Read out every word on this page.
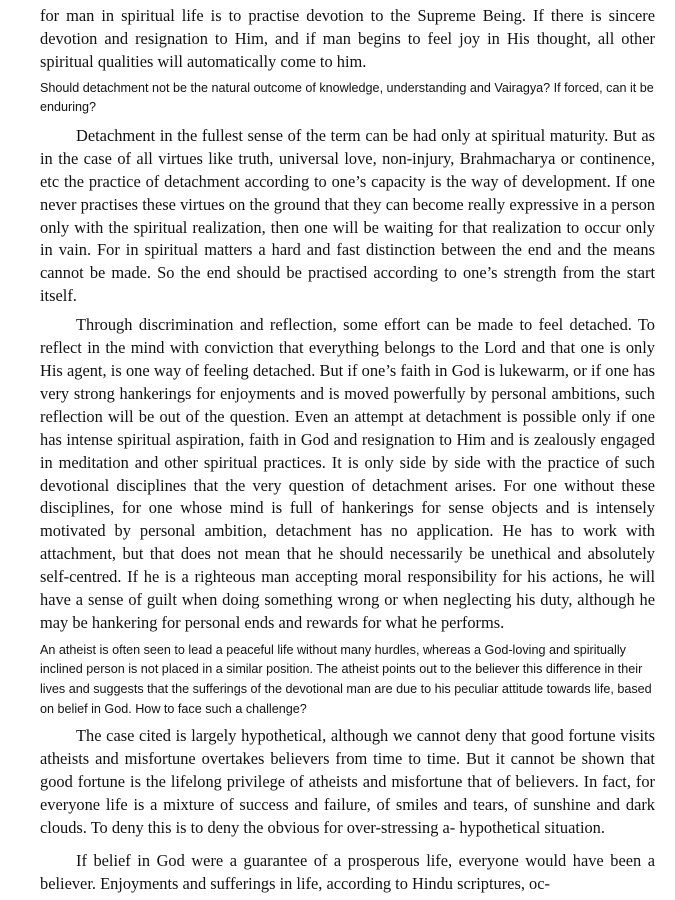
for man in spiritual life is to practise devotion to the Supreme Being. If there is sincere devotion and resignation to Him, and if man begins to feel joy in His thought, all other spiritual qualities will automatically come to him.

Should detachment not be the natural outcome of knowledge, understanding and Vairagya? If forced, can it be enduring?

Detachment in the fullest sense of the term can be had only at spiritual maturity. But as in the case of all virtues like truth, universal love, non-injury, Brahmacharya or continence, etc the practice of detachment according to one’s capacity is the way of development. If one never practises these virtues on the ground that they can become really expressive in a person only with the spiritual realization, then one will be waiting for that realization to occur only in vain. For in spiritual matters a hard and fast distinction between the end and the means cannot be made. So the end should be practised according to one’s strength from the start itself.

Through discrimination and reflection, some effort can be made to feel detached. To reflect in the mind with conviction that everything belongs to the Lord and that one is only His agent, is one way of feeling detached. But if one’s faith in God is lukewarm, or if one has very strong hankerings for enjoyments and is moved powerfully by personal ambitions, such reflection will be out of the question. Even an attempt at detachment is possible only if one has intense spiritual aspiration, faith in God and resignation to Him and is zealously engaged in meditation and other spiritual practices. It is only side by side with the practice of such devotional disciplines that the very question of detachment arises. For one without these disciplines, for one whose mind is full of hankerings for sense objects and is intensely motivated by personal ambition, detachment has no application. He has to work with attachment, but that does not mean that he should necessarily be unethical and absolutely self-centred. If he is a righteous man accepting moral responsibility for his actions, he will have a sense of guilt when doing something wrong or when neglecting his duty, although he may be hankering for personal ends and rewards for what he performs.

An atheist is often seen to lead a peaceful life without many hurdles, whereas a God-loving and spiritually inclined person is not placed in a similar position. The atheist points out to the believer this difference in their lives and suggests that the sufferings of the devotional man are due to his peculiar attitude towards life, based on belief in God. How to face such a challenge?

The case cited is largely hypothetical, although we cannot deny that good fortune visits atheists and misfortune overtakes believers from time to time. But it cannot be shown that good fortune is the lifelong privilege of atheists and misfortune that of believers. In fact, for everyone life is a mixture of success and failure, of smiles and tears, of sunshine and dark clouds. To deny this is to deny the obvious for over-stressing a- hypothetical situation.

If belief in God were a guarantee of a prosperous life, everyone would have been a believer. Enjoyments and sufferings in life, according to Hindu scriptures, oc-
